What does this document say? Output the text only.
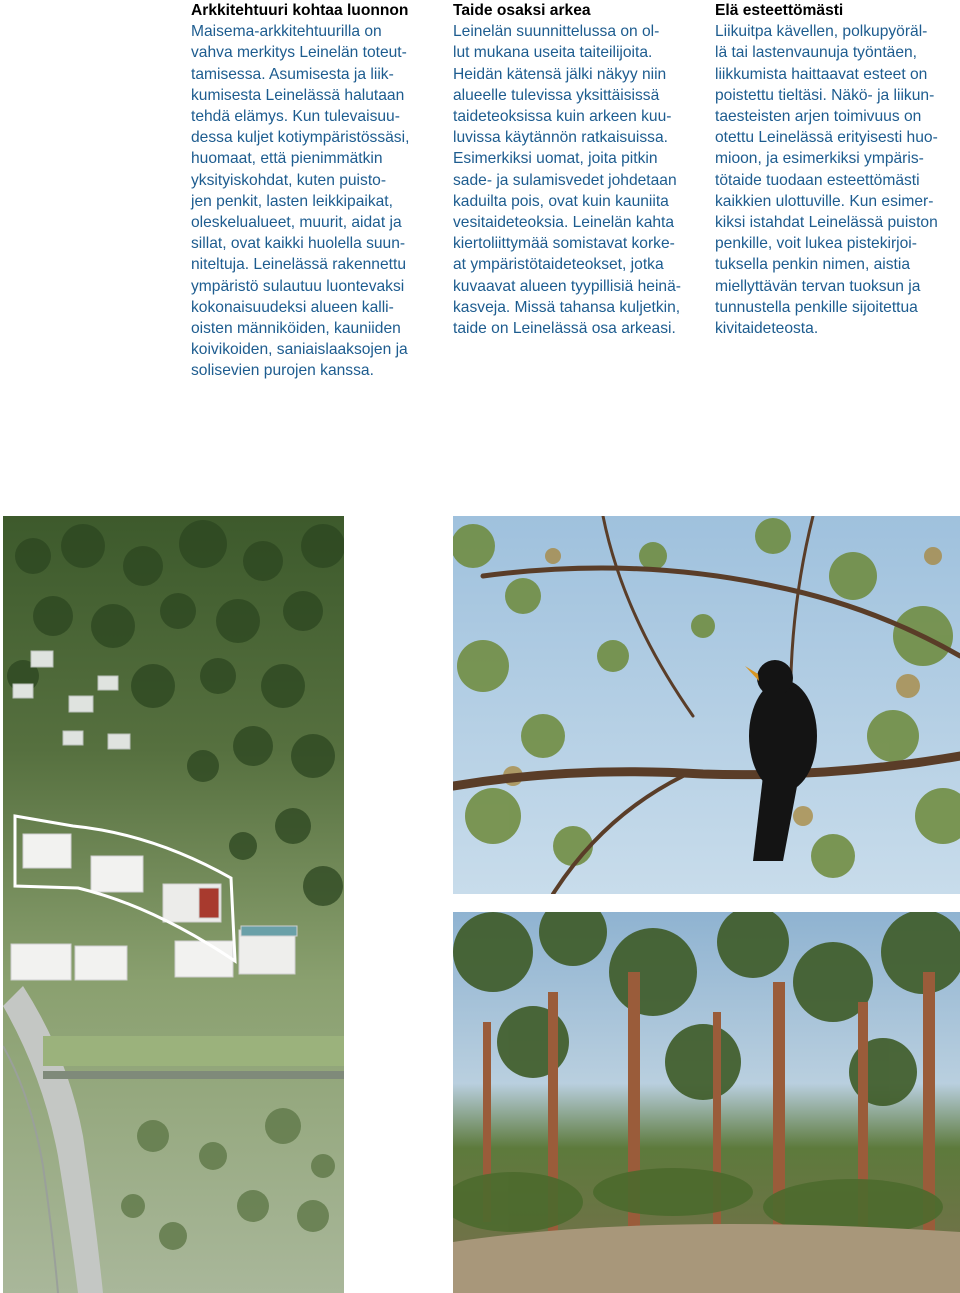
Arkkitehtuuri kohtaa luonnon

Maisema-arkkitehtuurilla on
vahva merkitys Leinelän toteut-
tamisessa. Asumisesta ja liik-
kumisesta Leinelässä halutaan
tehdä elämys. Kun tulevaisuu-
dessa kuljet kotiympäristössäsi,
huomaat, että pienimmätkin
yksityiskohdat, kuten puisto-
jen penkit, lasten leikkipaikat,
oleskelualueet, muurit, aidat ja
sillat, ovat kaikki huolella suun-
niteltuja. Leinelässä rakennettu
ympäristö sulautuu luontevaksi
kokonaisuudeksi alueen kalli-
oisten männiköiden, kauniiden
koivikoiden, saniaislaaksojen ja
solisevien purojen kanssa.

Taide osaksi arkea

Leinelän suunnittelussa on ol-
lut mukana useita taiteilijoita.
Heidän kätensä jälki näkyy niin
alueelle tulevissa yksittäisissä
taideteoksissa kuin arkeen kuu-
luvissa käytännön ratkaisuissa.
Esimerkiksi uomat, joita pitkin
sade- ja sulamisvedet johdetaan
kaduilta pois, ovat kuin kauniita
vesitaideteoksia. Leinelän kahta
kiertoliittymää somistavat korke-
at ympäristötaideteokset, jotka
kuvaavat alueen tyypillisiä heinä-
kasveja. Missä tahansa kuljetkin,
taide on Leinelässä osa arkeasi.

Elä esteettömästi

Liikuitpa kävellen, polkupyöräl-
lä tai lastenvaunuja työntäen,
liikkumista haittaavat esteet on
poistettu tieltäsi. Näkö- ja liikun-
taesteisten arjen toimivuus on
otettu Leinelässä erityisesti huo-
mioon, ja esimerkiksi ympäris-
tötaide tuodaan esteettömästi
kaikkien ulottuville. Kun esimer-
kiksi istahdat Leinelässä puiston
penkille, voit lukea pistekirjoi-
tuksella penkin nimen, aistia
miellyttävän tervan tuoksun ja
tunnustella penkille sijoitettua
kivitaideteosta.
